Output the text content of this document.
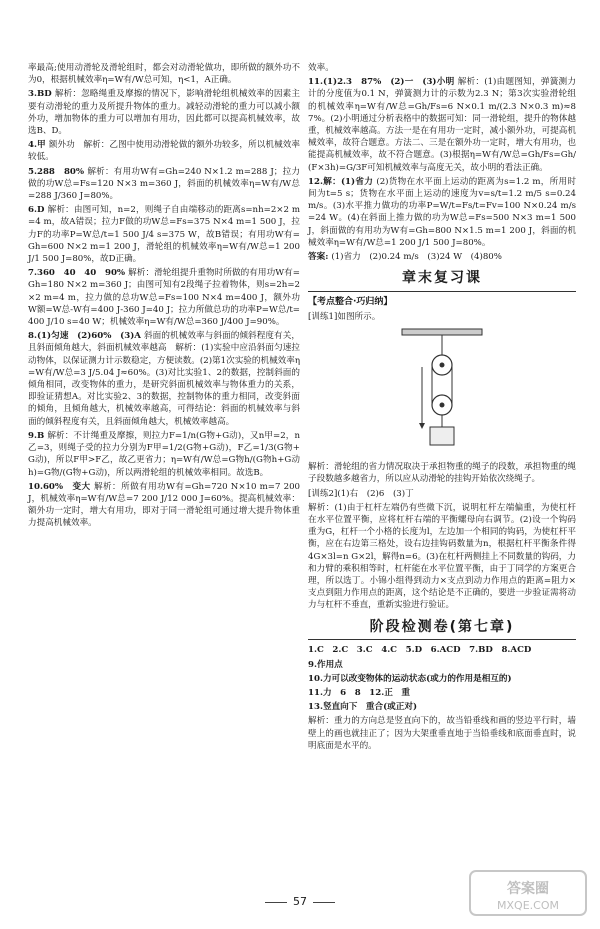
率最高;使用动滑轮及滑轮组时，都会对动滑轮做功，即所做的额外功不为0，根据机械效率η=W有/W总可知，η<1，A正确。

3.BD 解析：忽略绳重及摩擦的情况下，影响滑轮组机械效率的因素主要有动滑轮的重力及所提升物体的重力。减轻动滑轮的重力可以减小额外功，增加物体的重力可以增加有用功，因此都可以提高机械效率，故选B、D。

4.甲 额外功　解析：乙图中使用动滑轮做的额外功较多，所以机械效率较低。

5.288　80% 解析：有用功W有=Gh=240 N×1.2 m=288 J；拉力做的功W总=Fs=120 N×3 m=360 J，斜面的机械效率η=W有/W总=288 J/360 J=80%。

6.D 解析：由图可知，n=2，则绳子自由端移动的距离s=nh=2×2 m=4 m，故A错误；拉力F做的功W总=Fs=375 N×4 m=1 500 J，拉力F的功率P=W总/t=1 500 J/4 s=375 W，故B错误；有用功W有=Gh=600 N×2 m=1 200 J，滑轮组的机械效率η=W有/W总=1 200 J/1 500 J=80%，故D正确。

7.360　40　40　90% 解析：滑轮组提升重物时所做的有用功W有=Gh=180 N×2 m=360 J；由图可知有2段绳子拉着物体，则s=2h=2×2 m=4 m，拉力做的总功W总=Fs=100 N×4 m=400 J，额外功W额=W总-W有=400 J-360 J=40 J；拉力所做总功的功率P=W总/t=400 J/10 s=40 W；机械效率η=W有/W总=360 J/400 J=90%。

8.(1)匀速　(2)60%　(3)A 斜面的机械效率与斜面的倾斜程度有关，且斜面倾角越大，斜面机械效率越高　解析：(1)实验中应沿斜面匀速拉动物体，以保证测力计示数稳定，方便读数。(2)第1次实验的机械效率η=W有/W总=3 J/5.04 J≈60%。(3)对比实验1、2的数据，控制斜面的倾角相同，改变物体的重力，是研究斜面机械效率与物体重力的关系，即验证猜想A。对比实验2、3的数据，控制物体的重力相同，改变斜面的倾角，且倾角越大，机械效率越高，可得结论：斜面的机械效率与斜面的倾斜程度有关，且斜面倾角越大，机械效率越高。

9.B 解析：不计绳重及摩擦，则拉力F=1/n(G物+G动)，又n甲=2，n乙=3，则绳子受的拉力分别为F甲=1/2(G物+G动)，F乙=1/3(G物+G动)，所以F甲>F乙，故乙更省力；η=W有/W总=G物h/(G物h+G动h)=G物/(G物+G动)，所以两滑轮组的机械效率相同。故选B。

10.60%　变大 解析：所做有用功W有=Gh=720 N×10 m=7 200 J，机械效率η=W有/W总=7 200 J/12 000 J=60%。提高机械效率：额外功一定时，增大有用功，即对于同一滑轮组可通过增大提升物体重力提高机械效率。

效率。

11.(1)2.3　87%　(2)一　(3)小明 解析：(1)由题图知，弹簧测力计的分度值为0.1 N，弹簧测力计的示数为2.3 N；第3次实验滑轮组的机械效率η=W有/W总=Gh/Fs=6 N×0.1 m/(2.3 N×0.3 m)≈87%。(2)小明通过分析表格中的数据可知：同一滑轮组，提升的物体越重，机械效率越高。方法一是在有用功一定时，减小额外功，可提高机械效率，故符合题意。方法二、三是在额外功一定时，增大有用功，也能提高机械效率，故不符合题意。(3)根据η=W有/W总=Gh/Fs=Gh/(F×3h)=G/3F可知机械效率与高度无关，故小明的看法正确。

12.解：(1)省力 (2)货物在水平面上运动的距离为s=1.2 m，所用时间为t=5 s；货物在水平面上运动的速度为v=s/t=1.2 m/5 s=0.24 m/s。(3)水平推力做功的功率P=W/t=Fs/t=Fv=100 N×0.24 m/s=24 W。(4)在斜面上推力做的功为W总=Fs=500 N×3 m=1 500 J，斜面做的有用功为W有=Gh=800 N×1.5 m=1 200 J，斜面的机械效率η=W有/W总=1 200 J/1 500 J=80%。

答案: (1)省力　(2)0.24 m/s　(3)24 W　(4)80%

章末复习课
【考点整合·巧归纳】

[训练1]如图所示。

解析：滑轮组的省力情况取决于承担物重的绳子的段数，承担物重的绳子段数越多越省力，所以应从动滑轮的挂钩开始依次绕绳子。

[训练2](1)右　(2)6　(3)丁

解析：(1)由于杠杆左端仍有些微下沉，说明杠杆左端偏重，为使杠杆在水平位置平衡，应将杠杆右端的平衡螺母向右调节。(2)设一个钩码重为G，杠杆一个小格的长度为l，左边加一个相同的钩码，为使杠杆平衡，应在右边第三格处，设右边挂钩码数量为n，根据杠杆平衡条件得4G×3l=n G×2l，解得n=6。(3)在杠杆两侧挂上不同数量的钩码，力和力臂的乘积相等时，杠杆能在水平位置平衡，由于丁同学的方案更合理，所以选丁。小锦小组得到动力×支点到动力作用点的距离=阻力×支点到阻力作用点的距离，这个结论是不正确的，要进一步验证需将动力与杠杆不垂直，重新实验进行验证。

阶段检测卷(第七章)

1.C　2.C　3.C　4.C　5.D　6.ACD　7.BD　8.ACD

9.作用点

10.力可以改变物体的运动状态(或力的作用是相互的)

11.力　6　8　12.正　重

13.竖直向下　重合(或正对)

解析：重力的方向总是竖直向下的，故当铅垂线和画的竖边平行时，墙壁上的画也就挂正了；因为大架重垂直地于当铅垂线和底面垂直时，说明底面是水平的。

57
答案圈
MXQE.COM
